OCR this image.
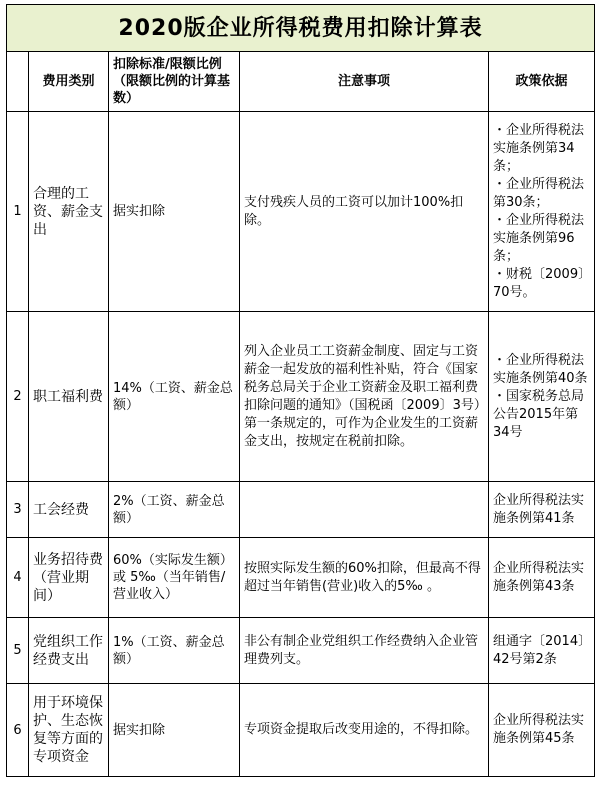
2020版企业所得税费用扣除计算表				
	费用类别	扣除标准/限额比例（限额比例的计算基数）	注意事项	政策依据
1	合理的工资、薪金支出	据实扣除	支付残疾人员的工资可以加计100%扣除。	・企业所得税法实施条例第34条；
・企业所得税法第30条；
・企业所得税法实施条例第96条；
・财税〔2009〕70号。
2	职工福利费	14%（工资、薪金总额）	列入企业员工工资薪金制度、固定与工资薪金一起发放的福利性补贴，符合《国家税务总局关于企业工资薪金及职工福利费扣除问题的通知》（国税函〔2009〕3号）第一条规定的，可作为企业发生的工资薪金支出，按规定在税前扣除。	・企业所得税法实施条例第40条
・国家税务总局公告2015年第34号
3	工会经费	2%（工资、薪金总额）		企业所得税法实施条例第41条
4	业务招待费（营业期间）	60%（实际发生额）或 5‰（当年销售/营业收入）	按照实际发生额的60%扣除，但最高不得超过当年销售(营业)收入的5‰ 。	企业所得税法实施条例第43条
5	党组织工作经费支出	1%（工资、薪金总额）	非公有制企业党组织工作经费纳入企业管理费列支。	组通字〔2014〕42号第2条
6	用于环境保护、生态恢复等方面的专项资金	据实扣除	专项资金提取后改变用途的，不得扣除。	企业所得税法实施条例第45条
